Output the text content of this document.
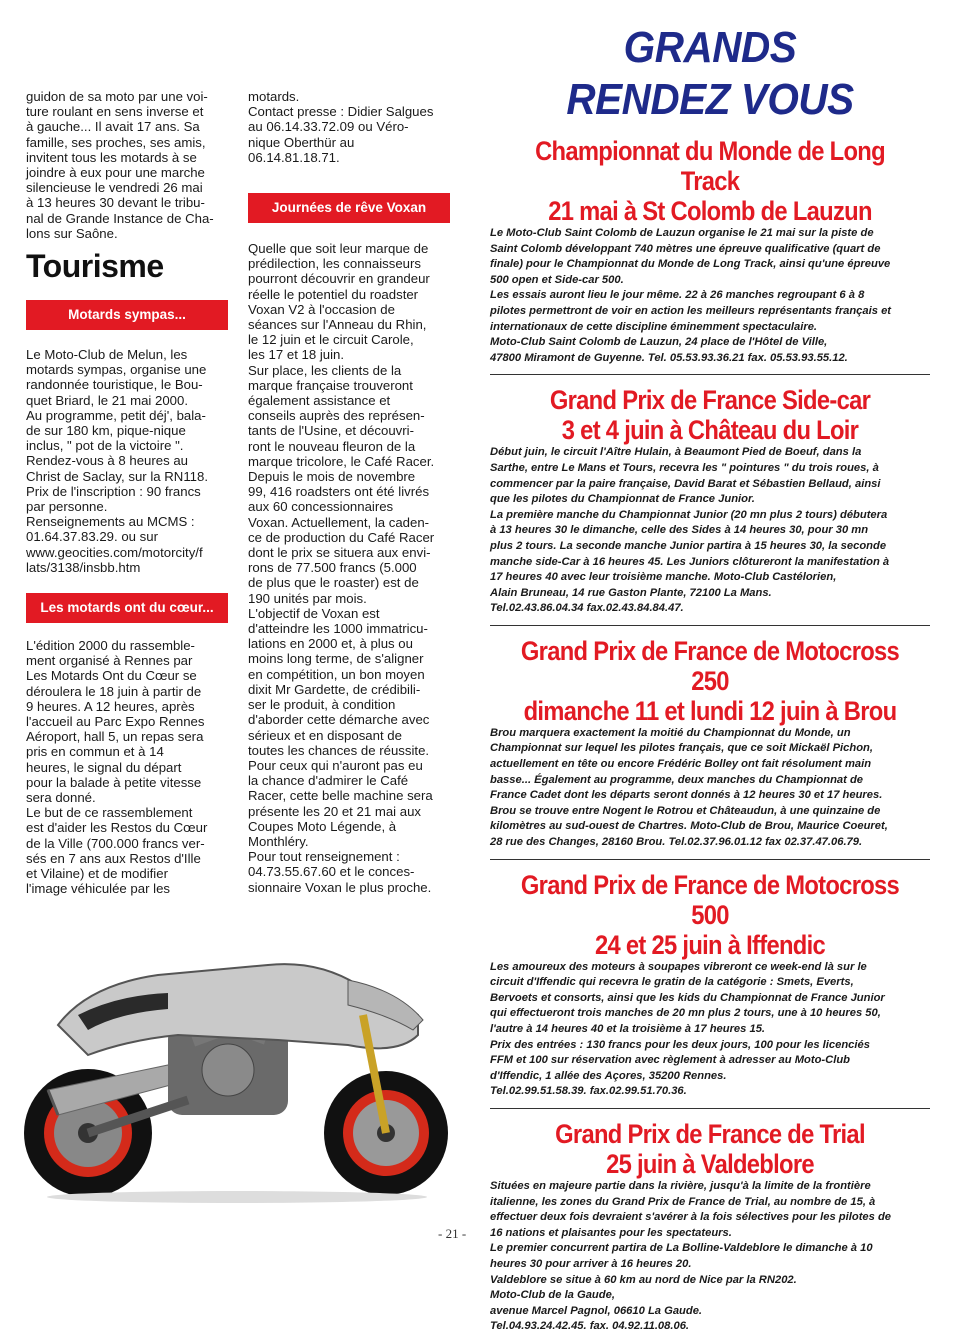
guidon de sa moto par une voi-

ture roulant en sens inverse et

à gauche... Il avait 17 ans. Sa

famille, ses proches, ses amis,

invitent tous les motards à se

joindre à eux pour une marche

silencieuse le vendredi 26 mai

à 13 heures 30 devant le tribu-

nal de Grande Instance de Cha-

lons sur Saône.

Tourisme
Motards sympas...

Le Moto-Club de Melun, les

motards sympas, organise une

randonnée touristique, le Bou-

quet Briard, le 21 mai 2000.

Au programme, petit déj', bala-

de sur 180 km, pique-nique

inclus, " pot de la victoire ".

Rendez-vous à 8 heures au

Christ de Saclay, sur la RN118.

Prix de l'inscription : 90 francs

par personne.

Renseignements au MCMS :

01.64.37.83.29. ou sur

www.geocities.com/motorcity/f

lats/3138/insbb.htm

Les motards ont du cœur...

L'édition 2000 du rassemble-

ment organisé à Rennes par

Les Motards Ont du Cœur se

déroulera le 18 juin à partir de

9 heures. A 12 heures, après

l'accueil au Parc Expo Rennes

Aéroport, hall 5, un repas sera

pris en commun et à 14

heures, le signal du départ

pour la balade à petite vitesse

sera donné.

Le but de ce rassemblement

est d'aider les Restos du Cœur

de la Ville (700.000 francs ver-

sés en 7 ans aux Restos d'Ille

et Vilaine) et de modifier

l'image véhiculée par les

motards.

Contact presse : Didier Salgues

au 06.14.33.72.09 ou Véro-

nique Oberthür au

06.14.81.18.71.

Journées de rêve Voxan

Quelle que soit leur marque de

prédilection, les connaisseurs

pourront découvrir en grandeur

réelle le potentiel du roadster

Voxan V2 à l'occasion de

séances sur l'Anneau du Rhin,

le 12 juin et le circuit Carole,

les 17 et 18 juin.

Sur place, les clients de la

marque française trouveront

également assistance et

conseils auprès des représen-

tants de l'Usine, et découvri-

ront le nouveau fleuron de la

marque tricolore, le Café Racer.

Depuis le mois de novembre

99, 416 roadsters ont été livrés

aux 60 concessionnaires

Voxan. Actuellement, la caden-

ce de production du Café Racer

dont le prix se situera aux envi-

rons de 77.500 francs (5.000

de plus que le roaster) est de

190 unités par mois.

L'objectif de Voxan est

d'atteindre les 1000 immatricu-

lations en 2000 et, à plus ou

moins long terme, de s'aligner

en compétition, un bon moyen

dixit Mr Gardette, de crédibili-

ser le produit, à condition

d'aborder cette démarche avec

sérieux et en disposant de

toutes les chances de réussite.

Pour ceux qui n'auront pas eu

la chance d'admirer le Café

Racer, cette belle machine sera

présente les 20 et 21 mai aux

Coupes Moto Légende, à

Monthléry.

Pour tout renseignement :

04.73.55.67.60 et le conces-

sionnaire Voxan le plus proche.

GRANDS
RENDEZ VOUS
Championnat du Monde de Long Track
21 mai à St Colomb de Lauzun

Le Moto-Club Saint Colomb de Lauzun organise le 21 mai sur la piste de

Saint Colomb développant 740 mètres une épreuve qualificative (quart de

finale) pour le Championnat du Monde de Long Track, ainsi qu'une épreuve

500 open et Side-car 500.

Les essais auront lieu le jour même. 22 à 26 manches regroupant 6 à 8

pilotes permettront de voir en action les meilleurs représentants français et

internationaux de cette discipline éminemment spectaculaire.

Moto-Club Saint Colomb de Lauzun, 24 place de l'Hôtel de Ville,

47800 Miramont de Guyenne. Tel. 05.53.93.36.21 fax. 05.53.93.55.12.

Grand Prix de France Side-car
3 et 4 juin à Château du Loir

Début juin, le circuit l'Aître Hulain, à Beaumont Pied de Boeuf, dans la

Sarthe, entre Le Mans et Tours, recevra les " pointures " du trois roues, à

commencer par la paire française, David Barat et Sébastien Bellaud, ainsi

que les pilotes du Championnat de France Junior.

La première manche du Championnat Junior (20 mn plus 2 tours) débutera

à 13 heures 30 le dimanche, celle des Sides à 14 heures 30, pour 30 mn

plus 2 tours. La seconde manche Junior partira à 15 heures 30, la seconde

manche side-Car à 16 heures 45. Les Juniors clôtureront la manifestation à

17 heures 40 avec leur troisième manche. Moto-Club Castélorien,

Alain Bruneau, 14 rue Gaston Plante, 72100 La Mans.

Tel.02.43.86.04.34 fax.02.43.84.84.47.

Grand Prix de France de Motocross 250
dimanche 11 et lundi 12 juin à Brou

Brou marquera exactement la moitié du Championnat du Monde, un

Championnat sur lequel les pilotes français, que ce soit Mickaël Pichon,

actuellement en tête ou encore Frédéric Bolley ont fait résolument main

basse... Également au programme, deux manches du Championnat de

France Cadet dont les départs seront donnés à 12 heures 30 et 17 heures.

Brou se trouve entre Nogent le Rotrou et Châteaudun, à une quinzaine de

kilomètres au sud-ouest de Chartres. Moto-Club de Brou, Maurice Coeuret,

28 rue des Changes, 28160 Brou. Tel.02.37.96.01.12 fax 02.37.47.06.79.

Grand Prix de France de Motocross 500
24 et 25 juin à Iffendic

Les amoureux des moteurs à soupapes vibreront ce week-end là sur le

circuit d'Iffendic qui recevra le gratin de la catégorie : Smets, Everts,

Bervoets et consorts, ainsi que les kids du Championnat de France Junior

qui effectueront trois manches de 20 mn plus 2 tours, une à 10 heures 50,

l'autre à 14 heures 40 et la troisième à 17 heures 15.

Prix des entrées : 130 francs pour les deux jours, 100 pour les licenciés

FFM et 100 sur réservation avec règlement à adresser au Moto-Club

d'Iffendic, 1 allée des Açores, 35200 Rennes.

Tel.02.99.51.58.39. fax.02.99.51.70.36.

Grand Prix de France de Trial
25 juin à Valdeblore

Situées en majeure partie dans la rivière, jusqu'à la limite de la frontière

italienne, les zones du Grand Prix de France de Trial, au nombre de 15, à

effectuer deux fois devraient s'avérer à la fois sélectives pour les pilotes de

16 nations et plaisantes pour les spectateurs.

Le premier concurrent partira de La Bolline-Valdeblore le dimanche à 10

heures 30 pour arriver à 16 heures 20.

Valdeblore se situe à 60 km au nord de Nice par la RN202.

Moto-Club de la Gaude,

avenue Marcel Pagnol, 06610 La Gaude.

Tel.04.93.24.42.45. fax. 04.92.11.08.06.

- 21 -
